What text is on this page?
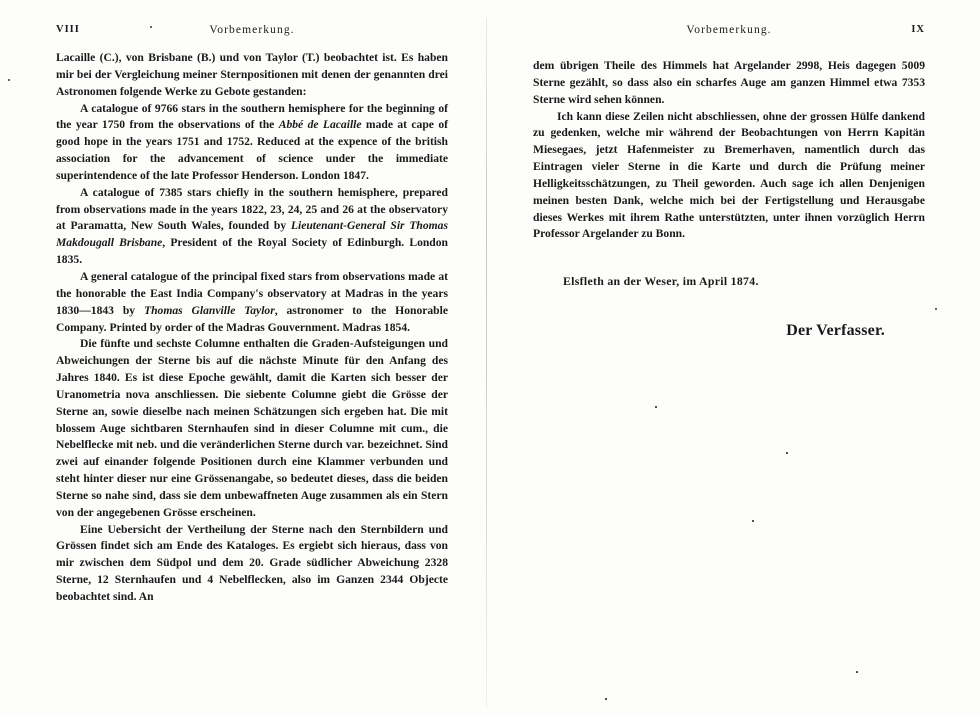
VIII	Vorbemerkung.

Lacaille (C.), von Brisbane (B.) und von Taylor (T.) beobachtet ist. Es haben mir bei der Vergleichung meiner Sternpositionen mit denen der genannten drei Astronomen folgende Werke zu Gebote gestanden:

A catalogue of 9766 stars in the southern hemisphere for the beginning of the year 1750 from the observations of the Abbé de Lacaille made at cape of good hope in the years 1751 and 1752. Reduced at the expence of the british association for the advancement of science under the immediate superintendence of the late Professor Henderson. London 1847.

A catalogue of 7385 stars chiefly in the southern hemisphere, prepared from observations made in the years 1822, 23, 24, 25 and 26 at the observatory at Paramatta, New South Wales, founded by Lieutenant-General Sir Thomas Makdougall Brisbane, President of the Royal Society of Edinburgh. London 1835.

A general catalogue of the principal fixed stars from observations made at the honorable the East India Company's observatory at Madras in the years 1830—1843 by Thomas Glanville Taylor, astronomer to the Honorable Company. Printed by order of the Madras Gouvernment. Madras 1854.

Die fünfte und sechste Columne enthalten die Graden-Aufsteigungen und Abweichungen der Sterne bis auf die nächste Minute für den Anfang des Jahres 1840. Es ist diese Epoche gewählt, damit die Karten sich besser der Uranometria nova anschliessen. Die siebente Columne giebt die Grösse der Sterne an, sowie dieselbe nach meinen Schätzungen sich ergeben hat. Die mit blossem Auge sichtbaren Sternhaufen sind in dieser Columne mit cum., die Nebelflecke mit neb. und die veränderlichen Sterne durch var. bezeichnet. Sind zwei auf einander folgende Positionen durch eine Klammer verbunden und steht hinter dieser nur eine Grössenangabe, so bedeutet dieses, dass die beiden Sterne so nahe sind, dass sie dem unbewaffneten Auge zusammen als ein Stern von der angegebenen Grösse erscheinen.

Eine Uebersicht der Vertheilung der Sterne nach den Sternbildern und Grössen findet sich am Ende des Kataloges. Es ergiebt sich hieraus, dass von mir zwischen dem Südpol und dem 20. Grade südlicher Abweichung 2328 Sterne, 12 Sternhaufen und 4 Nebelflecken, also im Ganzen 2344 Objecte beobachtet sind. An

Vorbemerkung.	IX

dem übrigen Theile des Himmels hat Argelander 2998, Heis dagegen 5009 Sterne gezählt, so dass also ein scharfes Auge am ganzen Himmel etwa 7353 Sterne wird sehen können.

Ich kann diese Zeilen nicht abschliessen, ohne der grossen Hülfe dankend zu gedenken, welche mir während der Beobachtungen von Herrn Kapitän Miesegaes, jetzt Hafenmeister zu Bremerhaven, namentlich durch das Eintragen vieler Sterne in die Karte und durch die Prüfung meiner Helligkeitsschätzungen, zu Theil geworden. Auch sage ich allen Denjenigen meinen besten Dank, welche mich bei der Fertigstellung und Herausgabe dieses Werkes mit ihrem Rathe unterstützten, unter ihnen vorzüglich Herrn Professor Argelander zu Bonn.

Elsfleth an der Weser, im April 1874.
Der Verfasser.
